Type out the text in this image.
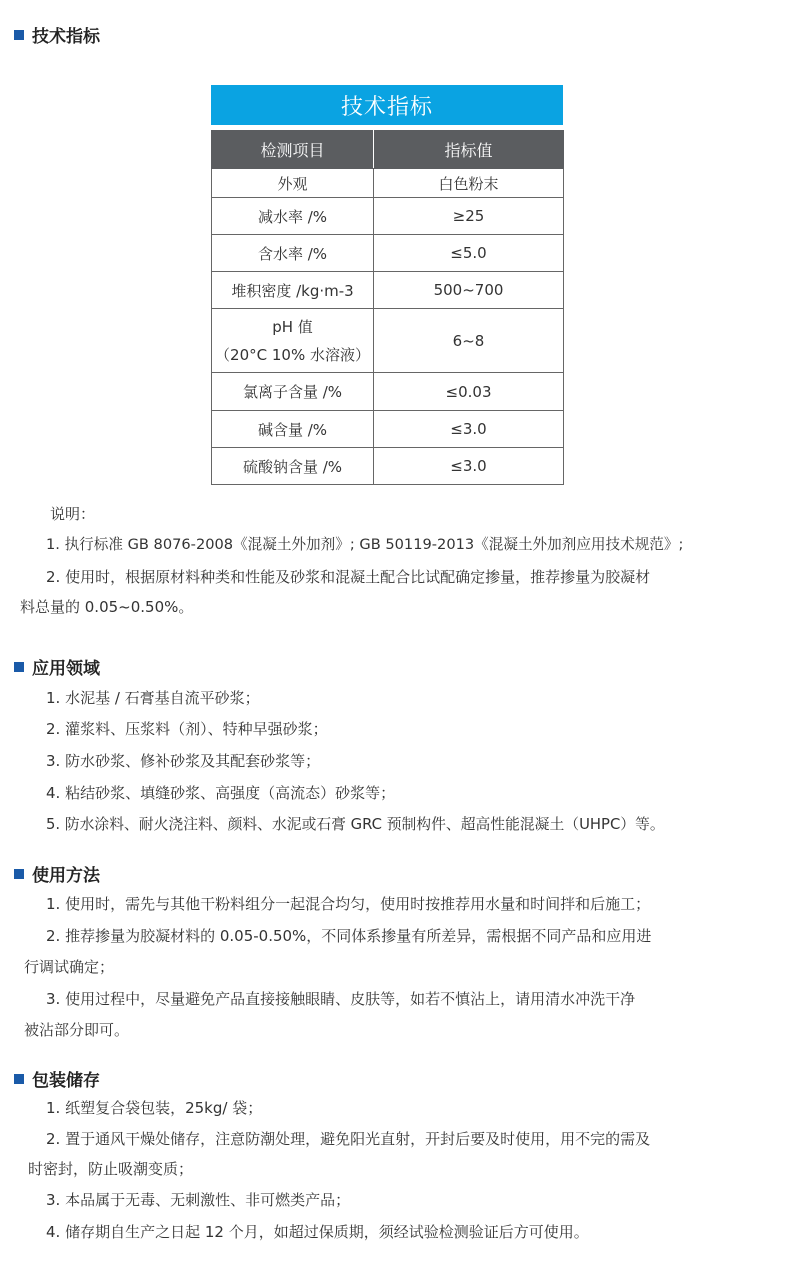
技术指标
技术指标
检测项目	指标值
外观	白色粉末
减水率 /%	≥25
含水率 /%	≤5.0
堆积密度 /kg·m-3	500~700

pH 值
（20°C 10% 水溶液）	6~8
氯离子含量 /%	≤0.03
碱含量 /%	≤3.0
硫酸钠含量 /%	≤3.0
说明：
1. 执行标准 GB 8076-2008《混凝土外加剂》; GB 50119-2013《混凝土外加剂应用技术规范》;
2. 使用时，根据原材料种类和性能及砂浆和混凝土配合比试配确定掺量，推荐掺量为胶凝材
料总量的 0.05~0.50%。
应用领域
1. 水泥基 / 石膏基自流平砂浆；
2. 灌浆料、压浆料（剂）、特种早强砂浆；
3. 防水砂浆、修补砂浆及其配套砂浆等；
4. 粘结砂浆、填缝砂浆、高强度（高流态）砂浆等；
5. 防水涂料、耐火浇注料、颜料、水泥或石膏 GRC 预制构件、超高性能混凝土（UHPC）等。
使用方法
1. 使用时，需先与其他干粉料组分一起混合均匀，使用时按推荐用水量和时间拌和后施工；
2. 推荐掺量为胶凝材料的 0.05-0.50%，不同体系掺量有所差异，需根据不同产品和应用进
行调试确定；
3. 使用过程中，尽量避免产品直接接触眼睛、皮肤等，如若不慎沾上，请用清水冲洗干净
被沾部分即可。
包装储存
1. 纸塑复合袋包装，25kg/ 袋；
2. 置于通风干燥处储存，注意防潮处理，避免阳光直射，开封后要及时使用，用不完的需及
时密封，防止吸潮变质；
3. 本品属于无毒、无刺激性、非可燃类产品；
4. 储存期自生产之日起 12 个月，如超过保质期，须经试验检测验证后方可使用。
